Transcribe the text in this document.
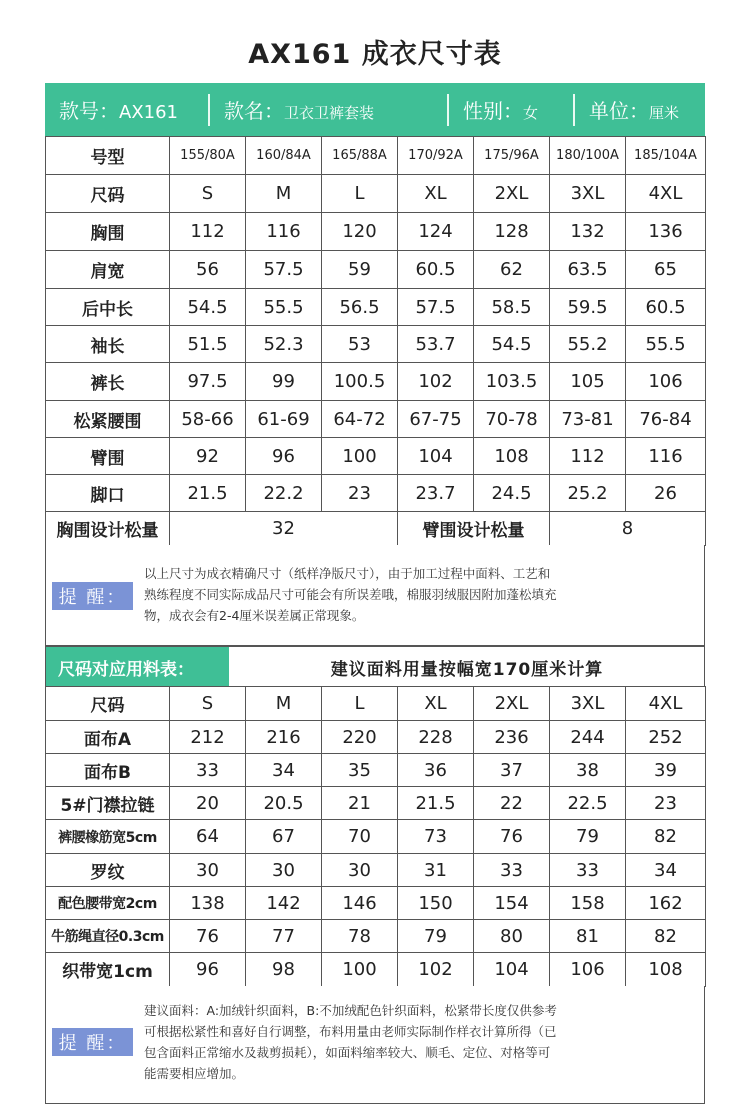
AX161 成衣尺寸表
款号： AX161 款名： 卫衣卫裤套装	性别： 女	单位： 厘米
号型	155/80A	160/84A	165/88A	170/92A	175/96A	180/100A	185/104A
尺码	S	M	L	XL	2XL	3XL	4XL
胸围	112	116	120	124	128	132	136
肩宽	56	57.5	59	60.5	62	63.5	65
后中长	54.5	55.5	56.5	57.5	58.5	59.5	60.5
袖长	51.5	52.3	53	53.7	54.5	55.2	55.5
裤长	97.5	99	100.5	102	103.5	105	106
松紧腰围	58-66	61-69	64-72	67-75	70-78	73-81	76-84
臂围	92	96	100	104	108	112	116
脚口	21.5	22.2	23	23.7	24.5	25.2	26
胸围设计松量	32			臂围设计松量		8	
提 醒：
以上尺寸为成衣精确尺寸（纸样净版尺寸），由于加工过程中面料、工艺和
熟练程度不同实际成品尺寸可能会有所误差哦，棉服羽绒服因附加蓬松填充
物，成衣会有2-4厘米误差属正常现象。
尺码对应用料表：	建议面料用量按幅宽170厘米计算
尺码	S	M	L	XL	2XL	3XL	4XL
面布A	212	216	220	228	236	244	252
面布B	33	34	35	36	37	38	39
5#门襟拉链	20	20.5	21	21.5	22	22.5	23
裤腰橡筋宽5cm	64	67	70	73	76	79	82
罗纹	30	30	30	31	33	33	34
配色腰带宽2cm	138	142	146	150	154	158	162
牛筋绳直径0.3cm	76	77	78	79	80	81	82
织带宽1cm	96	98	100	102	104	106	108
提 醒：
建议面料：A:加绒针织面料，B:不加绒配色针织面料，松紧带长度仅供参考
可根据松紧性和喜好自行调整，布料用量由老师实际制作样衣计算所得（已
包含面料正常缩水及裁剪损耗），如面料缩率较大、顺毛、定位、对格等可
能需要相应增加。
